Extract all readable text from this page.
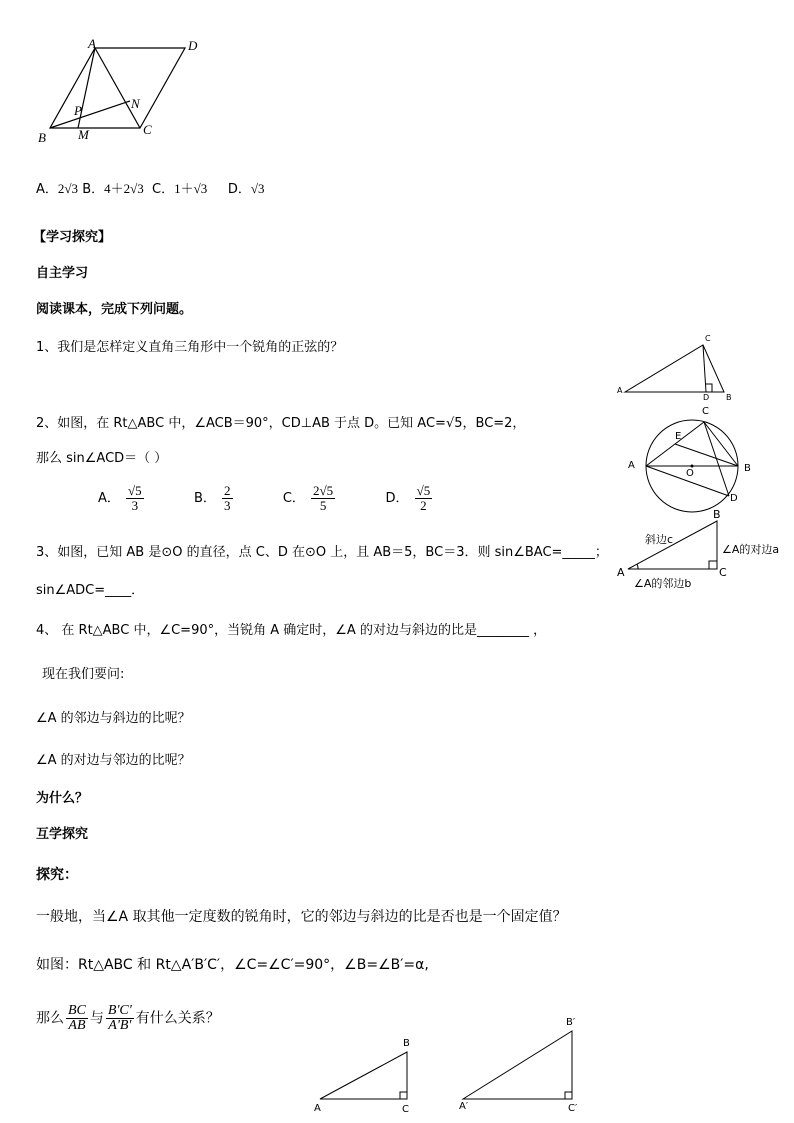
A	D
B
C
P
M
N
A．2√3 B．4＋2√3 C．1＋√3 D．√3
【学习探究】
自主学习
阅读课本，完成下列问题。
1、我们是怎样定义直角三角形中一个锐角的正弦的？
A
C
B
D
2、如图，在 Rt△ABC 中，∠ACB＝90°，CD⊥AB 于点 D。已知 AC=√5，BC=2，
那么 sin∠ACD＝（ ）
A． $\frac{√5}{3}$	B． $\frac{2}{3}$	C． $\frac{2√5}{5}$	D． $\frac{√5}{2}$
A
C
B
D
E
O
3、如图，已知 AB 是⊙O 的直径，点 C、D 在⊙O 上，且 AB＝5，BC＝3．则 sin∠BAC=_____；
sin∠ADC=____．
斜边c
∠A的对边a
∠A的邻边b
A
B
C
4、 在 Rt△ABC 中，∠C=90°，当锐角 A 确定时，∠A 的对边与斜边的比是________ ，
现在我们要问:
∠A 的邻边与斜边的比呢？
∠A 的对边与邻边的比呢？
为什么？
互学探究
探究：
一般地，当∠A 取其他一定度数的锐角时，它的邻边与斜边的比是否也是一个固定值？
如图：Rt△ABC 和 Rt△A′B′C′，∠C=∠C′=90°，∠B=∠B′=α,
那么 $\frac{BC}{AB}$ 与 $\frac{B'C'}{A'B'}$ 有什么关系？
A
B
C	A′
B′
C′
